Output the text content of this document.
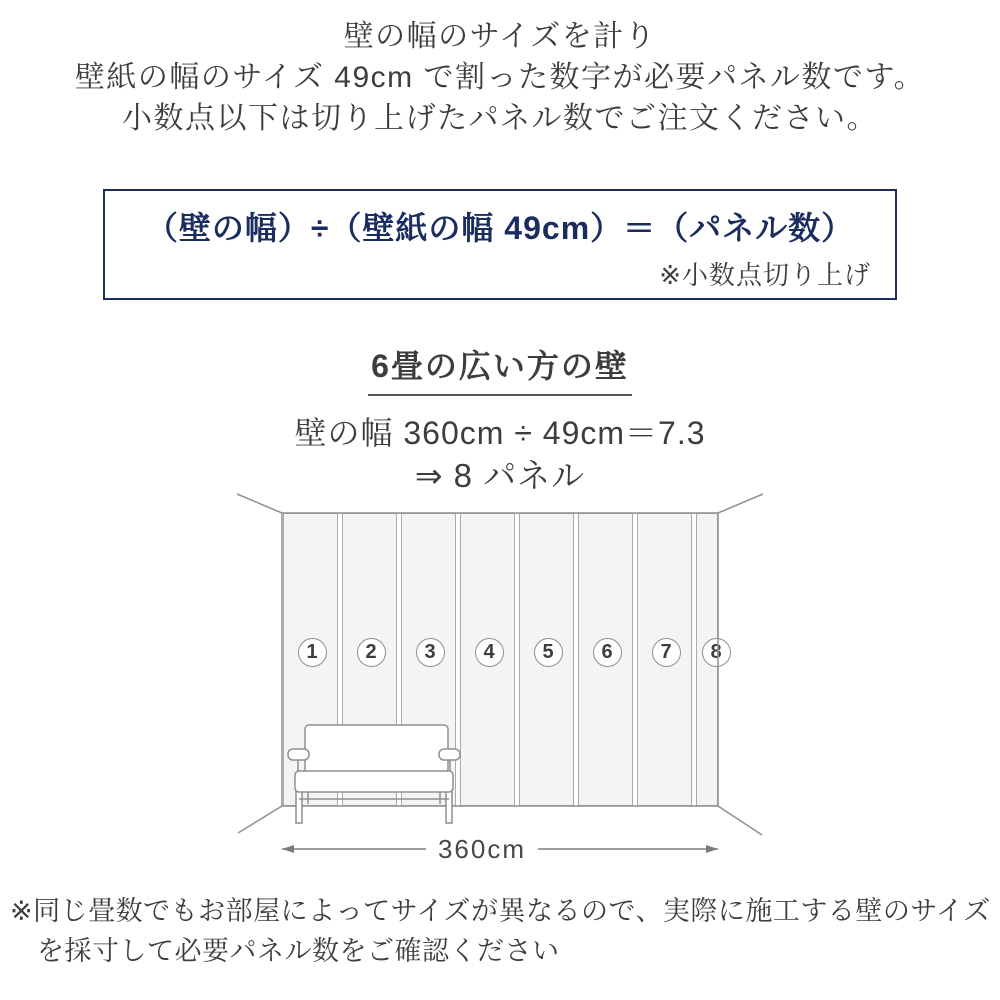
壁の幅のサイズを計り
壁紙の幅のサイズ 49cm で割った数字が必要パネル数です。
小数点以下は切り上げたパネル数でご注文ください。
（壁の幅）÷（壁紙の幅 49cm）＝（パネル数）
※小数点切り上げ
6畳の広い方の壁
壁の幅 360cm ÷ 49cm＝7.3
⇒ 8 パネル
1	2	3	4	5	6	7	8
360cm
※同じ畳数でもお部屋によってサイズが異なるので、実際に施工する壁のサイズ
を採寸して必要パネル数をご確認ください
